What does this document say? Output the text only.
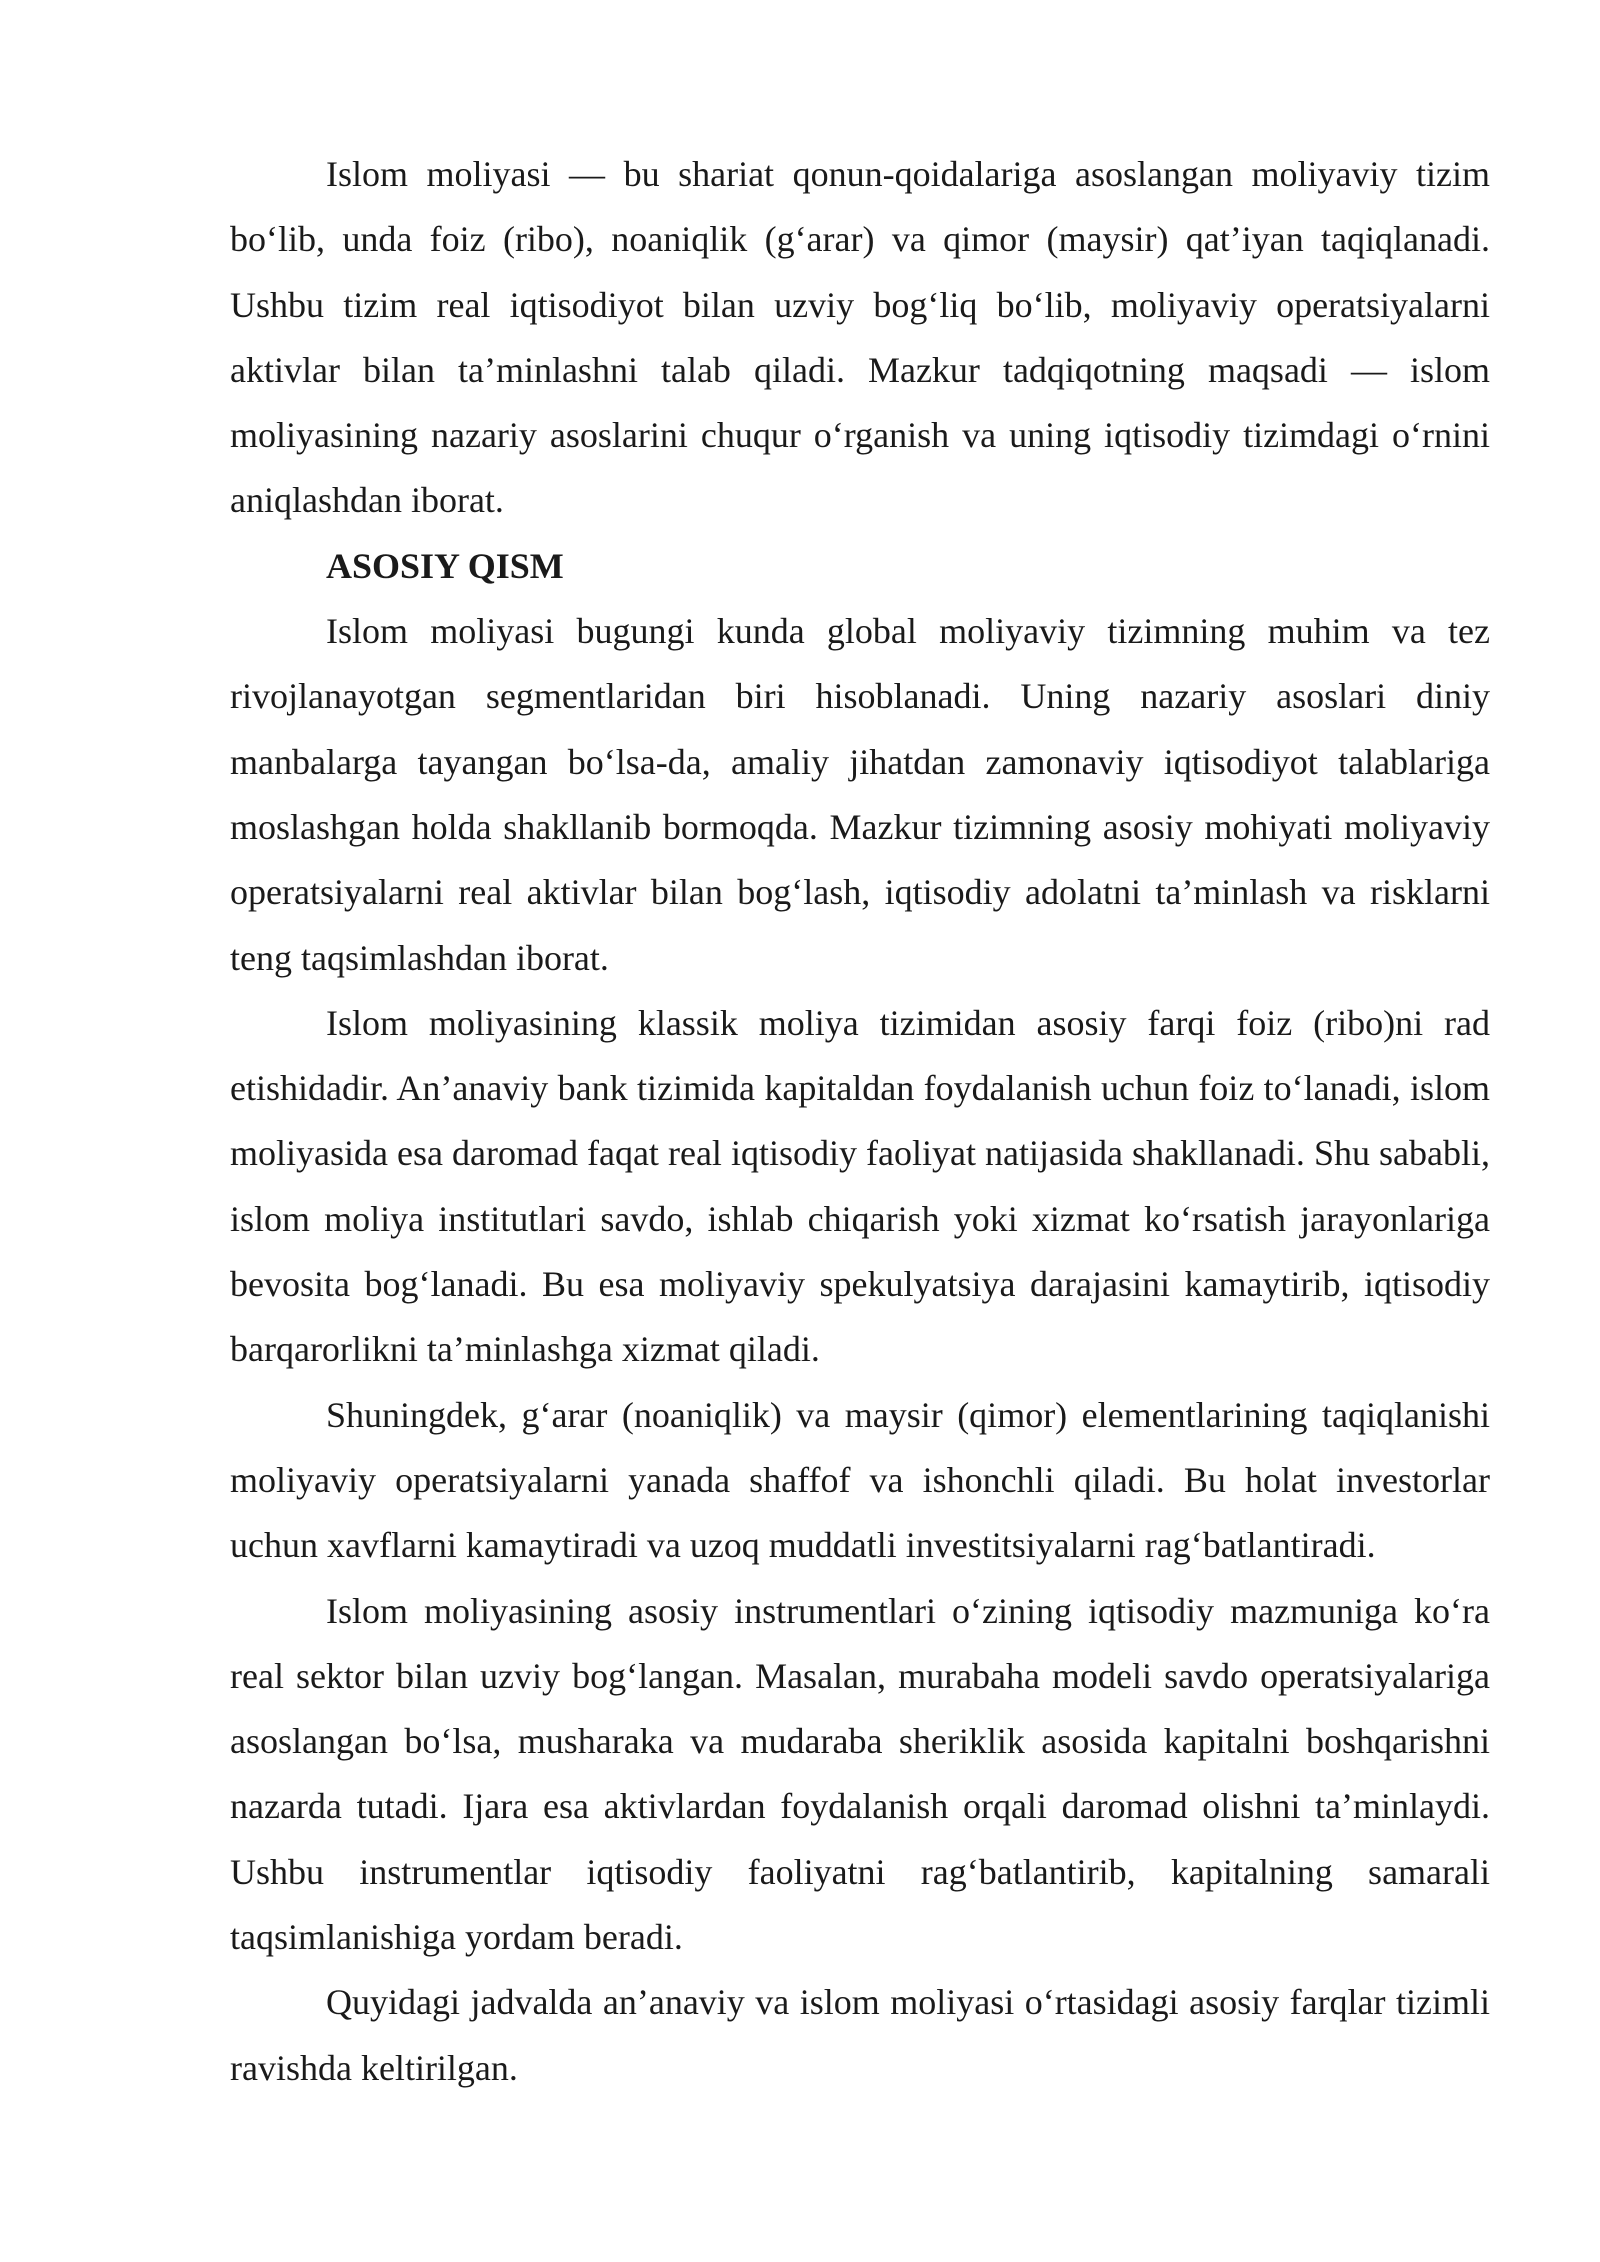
Islom moliyasi — bu shariat qonun-qoidalariga asoslangan moliyaviy tizim bo‘lib, unda foiz (ribo), noaniqlik (g‘arar) va qimor (maysir) qat’iyan taqiqlanadi. Ushbu tizim real iqtisodiyot bilan uzviy bog‘liq bo‘lib, moliyaviy operatsiyalarni aktivlar bilan ta’minlashni talab qiladi. Mazkur tadqiqotning maqsadi — islom moliyasining nazariy asoslarini chuqur o‘rganish va uning iqtisodiy tizimdagi o‘rnini aniqlashdan iborat.

ASOSIY QISM

Islom moliyasi bugungi kunda global moliyaviy tizimning muhim va tez rivojlanayotgan segmentlaridan biri hisoblanadi. Uning nazariy asoslari diniy manbalarga tayangan bo‘lsa-da, amaliy jihatdan zamonaviy iqtisodiyot talablariga moslashgan holda shakllanib bormoqda. Mazkur tizimning asosiy mohiyati moliyaviy operatsiyalarni real aktivlar bilan bog‘lash, iqtisodiy adolatni ta’minlash va risklarni teng taqsimlashdan iborat.

Islom moliyasining klassik moliya tizimidan asosiy farqi foiz (ribo)ni rad etishidadir. An’anaviy bank tizimida kapitaldan foydalanish uchun foiz to‘lanadi, islom moliyasida esa daromad faqat real iqtisodiy faoliyat natijasida shakllanadi. Shu sababli, islom moliya institutlari savdo, ishlab chiqarish yoki xizmat ko‘rsatish jarayonlariga bevosita bog‘lanadi. Bu esa moliyaviy spekulyatsiya darajasini kamaytirib, iqtisodiy barqarorlikni ta’minlashga xizmat qiladi.

Shuningdek, g‘arar (noaniqlik) va maysir (qimor) elementlarining taqiqlanishi moliyaviy operatsiyalarni yanada shaffof va ishonchli qiladi. Bu holat investorlar uchun xavflarni kamaytiradi va uzoq muddatli investitsiyalarni rag‘batlantiradi.

Islom moliyasining asosiy instrumentlari o‘zining iqtisodiy mazmuniga ko‘ra real sektor bilan uzviy bog‘langan. Masalan, murabaha modeli savdo operatsiyalariga asoslangan bo‘lsa, musharaka va mudaraba sheriklik asosida kapitalni boshqarishni nazarda tutadi. Ijara esa aktivlardan foydalanish orqali daromad olishni ta’minlaydi. Ushbu instrumentlar iqtisodiy faoliyatni rag‘batlantirib, kapitalning samarali taqsimlanishiga yordam beradi.

Quyidagi jadvalda an’anaviy va islom moliyasi o‘rtasidagi asosiy farqlar tizimli ravishda keltirilgan.
